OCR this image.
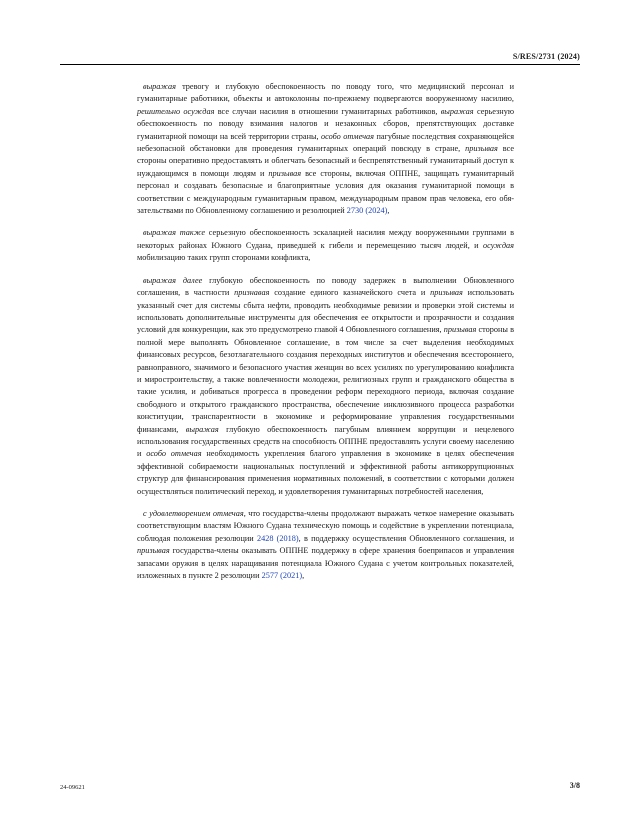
S/RES/2731 (2024)

выражая тревогу и глубокую обеспокоенность по поводу того, что медицинский персонал и гуманитарные работники, объекты и автоколонны по-прежнему подвергаются вооруженному насилию, решительно осуждая все случаи насилия в отношении гуманитарных работников, выражая серьезную обеспокоенность по поводу взимания налогов и незаконных сборов, препятствующих доставке гуманитарной помощи на всей территории страны, особо отмечая пагубные последствия сохраняющейся небезопасной обстановки для проведения гуманитарных операций повсюду в стране, призывая все стороны оперативно предоставлять и облегчать безопасный и беспрепятственный гуманитарный доступ к нуждающимся в помощи людям и призывая все стороны, включая ОППНЕ, защищать гуманитарный персонал и создавать безопасные и благоприятные условия для оказания гуманитарной помощи в соответствии с международным гуманитарным правом, международным правом прав человека, его обязательствами по Обновленному соглашению и резолюцией 2730 (2024),

выражая также серьезную обеспокоенность эскалацией насилия между вооруженными группами в некоторых районах Южного Судана, приведшей к гибели и перемещению тысяч людей, и осуждая мобилизацию таких групп сторонами конфликта,

выражая далее глубокую обеспокоенность по поводу задержек в выполнении Обновленного соглашения, в частности признавая создание единого казначейского счета и призывая использовать указанный счет для системы сбыта нефти, проводить необходимые ревизии и проверки этой системы и использовать дополнительные инструменты для обеспечения ее открытости и прозрачности и создания условий для конкуренции, как это предусмотрено главой 4 Обновленного соглашения, призывая стороны в полной мере выполнять Обновленное соглашение, в том числе за счет выделения необходимых финансовых ресурсов, безотлагательного создания переходных институтов и обеспечения всестороннего, равноправного, значимого и безопасного участия женщин во всех усилиях по урегулированию конфликта и миростроительству, а также вовлеченности молодежи, религиозных групп и гражданского общества в такие усилия, и добиваться прогресса в проведении реформ переходного периода, включая создание свободного и открытого гражданского пространства, обеспечение инклюзивного процесса разработки конституции, транспарентности в экономике и реформирование управления государственными финансами, выражая глубокую обеспокоенность пагубным влиянием коррупции и нецелевого использования государственных средств на способность ОППНЕ предоставлять услуги своему населению и особо отмечая необходимость укрепления благого управления в экономике в целях обеспечения эффективной собираемости национальных поступлений и эффективной работы антикоррупционных структур для финансирования применения нормативных положений, в соответствии с которыми должен осуществляться политический переход, и удовлетворения гуманитарных потребностей населения,

с удовлетворением отмечая, что государства-члены продолжают выражать четкое намерение оказывать соответствующим властям Южного Судана техническую помощь и содействие в укреплении потенциала, соблюдая положения резолюции 2428 (2018), в поддержку осуществления Обновленного соглашения, и призывая государства-члены оказывать ОППНЕ поддержку в сфере хранения боеприпасов и управления запасами оружия в целях наращивания потенциала Южного Судана с учетом контрольных показателей, изложенных в пункте 2 резолюции 2577 (2021),

24-09621	3/8
